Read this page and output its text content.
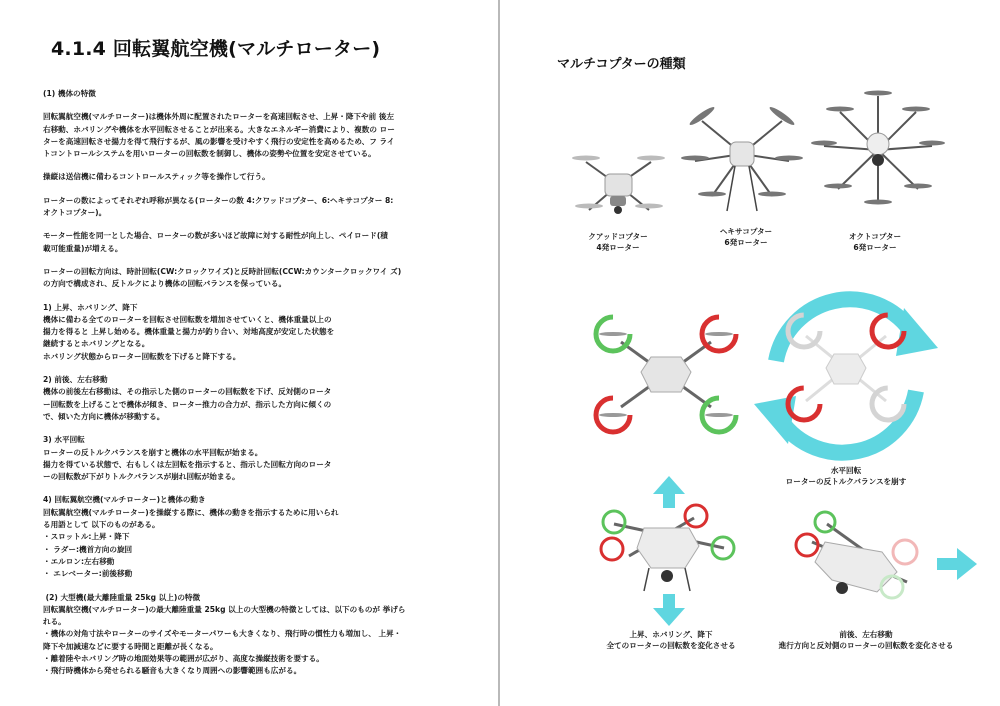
4.1.4 回転翼航空機(マルチローター)

(1) 機体の特徴

回転翼航空機(マルチローター)は機体外周に配置されたローターを高速回転させ、上昇・降下や前 後左

右移動、ホバリングや機体を水平回転させることが出来る。大きなエネルギー消費により、複数の ロー

ターを高速回転させ揚力を得て飛行するが、風の影響を受けやすく飛行の安定性を高めるため、フ ライ

トコントロールシステムを用いローターの回転数を制御し、機体の姿勢や位置を安定させている。

操縦は送信機に備わるコントロールスティック等を操作して行う。

ローターの数によってそれぞれ呼称が異なる(ローターの数 4:クワッドコプター、6:ヘキサコプター 8:

オクトコプター)。

モーター性能を同一とした場合、ローターの数が多いほど故障に対する耐性が向上し、ペイロード(積

載可能重量)が増える。

ローターの回転方向は、時計回転(CW:クロックワイズ)と反時計回転(CCW:カウンタークロックワイ ズ)

の方向で構成され、反トルクにより機体の回転バランスを保っている。

1) 上昇、ホバリング、降下

機体に備わる全てのローターを回転させ回転数を増加させていくと、機体重量以上の

揚力を得ると 上昇し始める。機体重量と揚力が釣り合い、対地高度が安定した状態を

継続するとホバリングとなる。

ホバリング状態からローター回転数を下げると降下する。

2) 前後、左右移動

機体の前後左右移動は、その指示した側のローターの回転数を下げ、反対側のロータ

ー回転数を上げることで機体が傾き、ローター推力の合力が、指示した方向に傾くの

で、傾いた方向に機体が移動する。

3) 水平回転

ローターの反トルクバランスを崩すと機体の水平回転が始まる。

揚力を得ている状態で、右もしくは左回転を指示すると、指示した回転方向のロータ

ーの回転数が下がりトルクバランスが崩れ回転が始まる。

4) 回転翼航空機(マルチローター)と機体の動き

回転翼航空機(マルチローター)を操縦する際に、機体の動きを指示するために用いられ

る用語として 以下のものがある。

・スロットル:上昇・降下

・ ラダー:機首方向の旋回

・エルロン:左右移動

・ エレベーター:前後移動

(2) 大型機(最大離陸重量 25kg 以上)の特徴

回転翼航空機(マルチローター)の最大離陸重量 25kg 以上の大型機の特徴としては、以下のものが 挙げら

れる。

・機体の対角寸法やローターのサイズやモーターパワーも大きくなり、飛行時の慣性力も増加し、 上昇・

降下や加減速などに要する時間と距離が長くなる。

・離着陸やホバリング時の地面効果等の範囲が広がり、高度な操縦技術を要する。

・飛行時機体から発せられる騒音も大きくなり周囲への影響範囲も広がる。

マルチコプターの種類
クアッドコプター
4発ローター
ヘキサコプター
6発ローター
オクトコプター
6発ローター
水平回転
ローターの反トルクバランスを崩す
上昇、ホバリング、降下
全てのローターの回転数を変化させる
前後、左右移動
進行方向と反対側のローターの回転数を変化させる
